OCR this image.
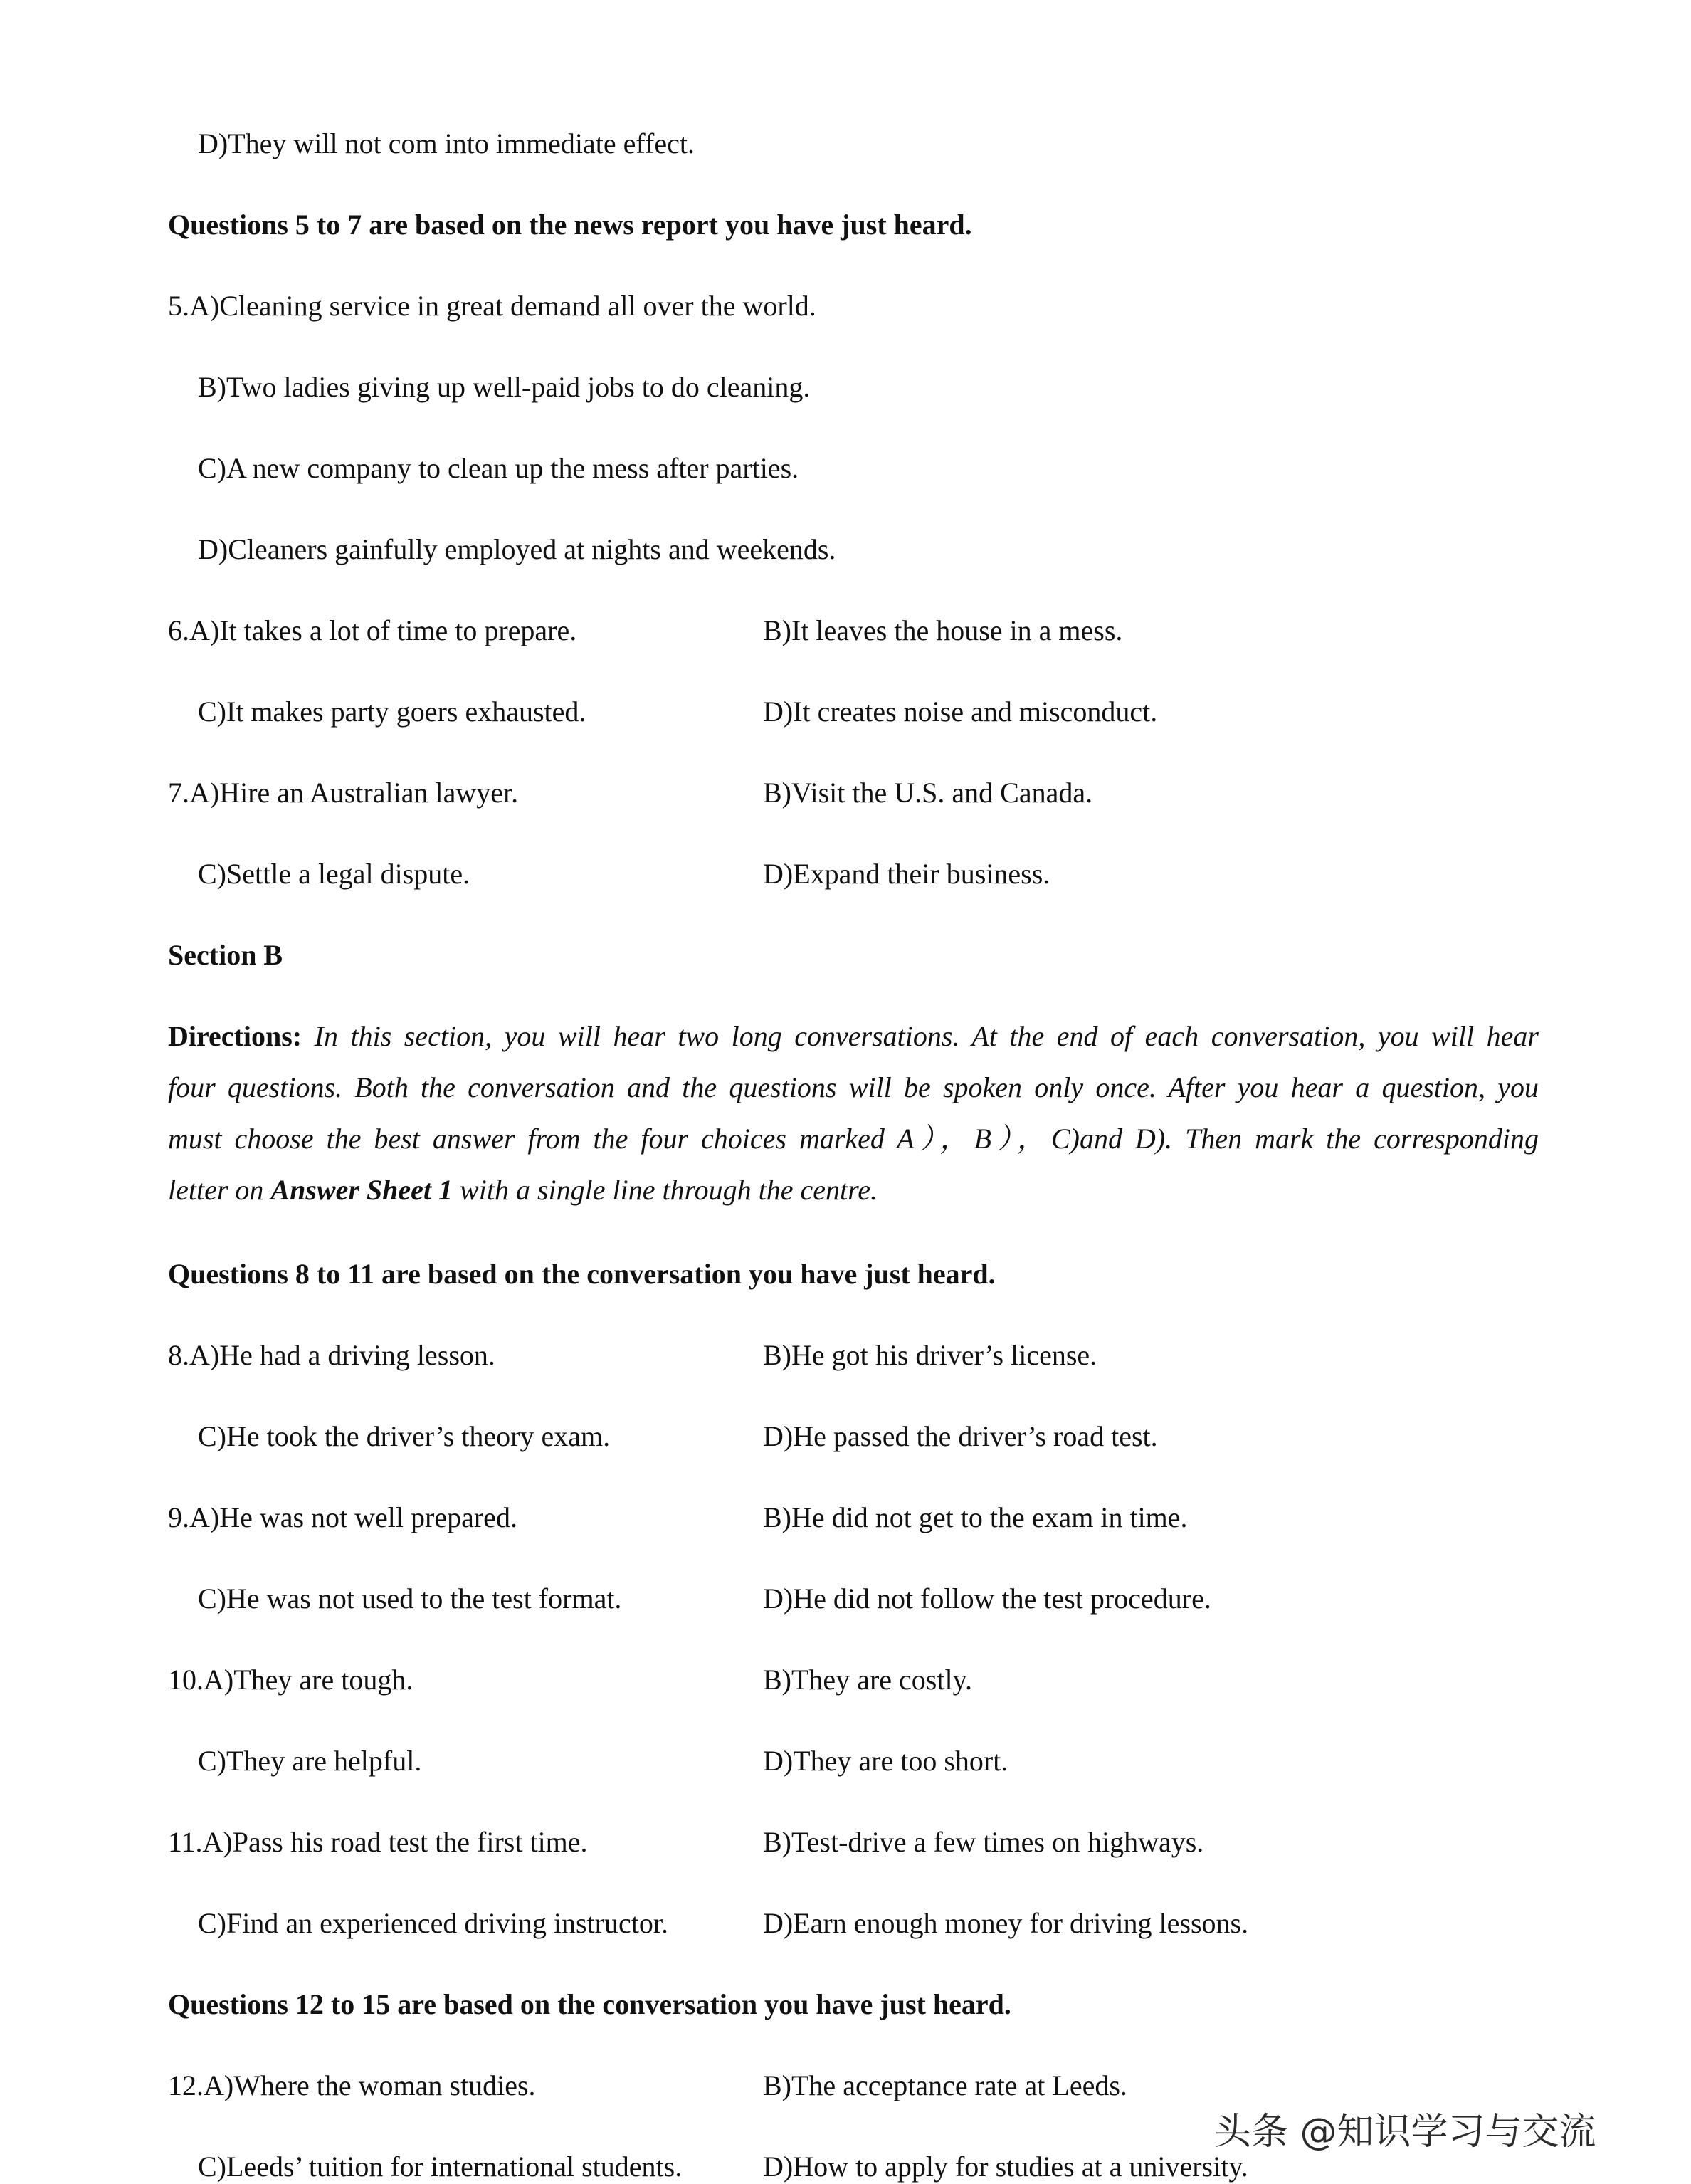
D)They will not com into immediate effect.
Questions 5 to 7 are based on the news report you have just heard.
5.A)Cleaning service in great demand all over the world.
B)Two ladies giving up well-paid jobs to do cleaning.
C)A new company to clean up the mess after parties.
D)Cleaners gainfully employed at nights and weekends.
6.A)It takes a lot of time to prepare.	B)It leaves the house in a mess.
C)It makes party goers exhausted.	D)It creates noise and misconduct.
7.A)Hire an Australian lawyer.	B)Visit the U.S. and Canada.
C)Settle a legal dispute.	D)Expand their business.
Section B
Directions: In this section, you will hear two long conversations. At the end of each conversation, you will hear
four questions. Both the conversation and the questions will be spoken only once. After you hear a question, you
must choose the best answer from the four choices marked A），B），C)and D). Then mark the corresponding
letter on Answer Sheet 1 with a single line through the centre.
Questions 8 to 11 are based on the conversation you have just heard.
8.A)He had a driving lesson.	B)He got his driver’s license.
C)He took the driver’s theory exam.	D)He passed the driver’s road test.
9.A)He was not well prepared.	B)He did not get to the exam in time.
C)He was not used to the test format.	D)He did not follow the test procedure.
10.A)They are tough.	B)They are costly.
C)They are helpful.	D)They are too short.
11.A)Pass his road test the first time.	B)Test-drive a few times on highways.
C)Find an experienced driving instructor.	D)Earn enough money for driving lessons.
Questions 12 to 15 are based on the conversation you have just heard.
12.A)Where the woman studies.	B)The acceptance rate at Leeds.
C)Leeds’ tuition for international students.	D)How to apply for studies at a university.
头条 @知识学习与交流
